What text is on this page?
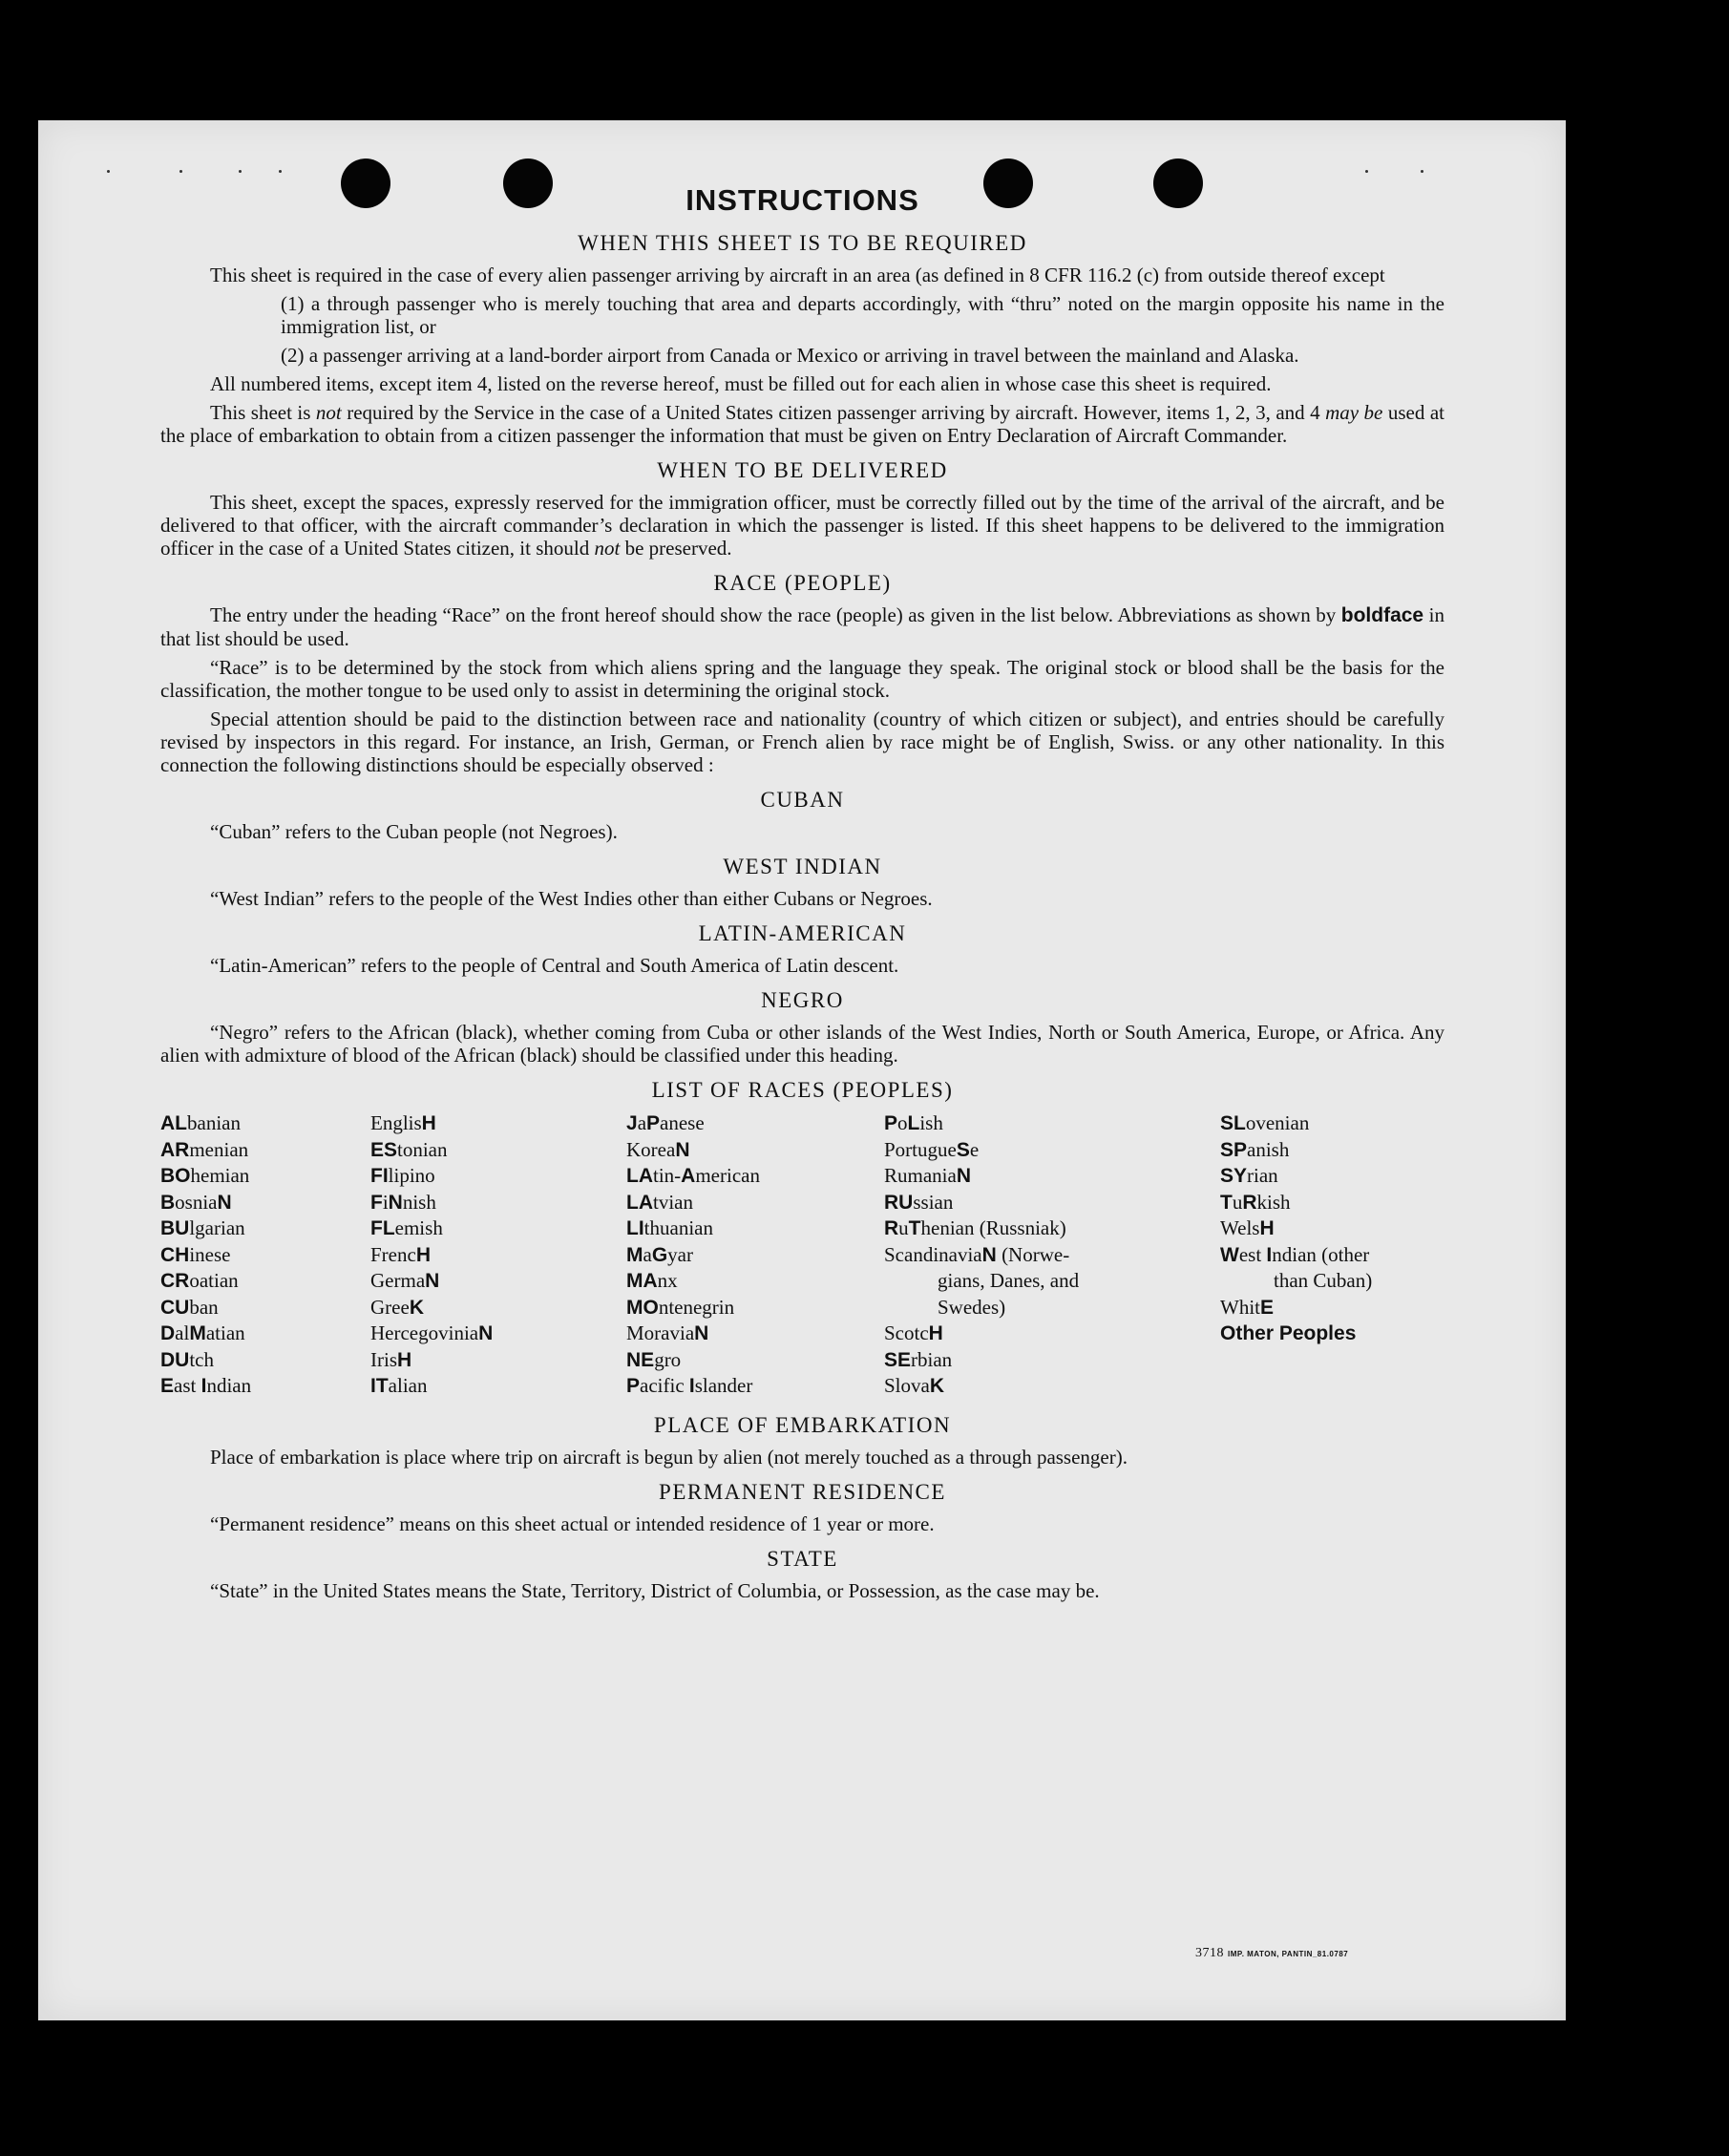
INSTRUCTIONS
WHEN THIS SHEET IS TO BE REQUIRED

This sheet is required in the case of every alien passenger arriving by aircraft in an area (as defined in 8 CFR 116.2 (c) from outside thereof except

(1) a through passenger who is merely touching that area and departs accordingly, with “thru” noted on the margin opposite his name in the immigration list, or

(2) a passenger arriving at a land-border airport from Canada or Mexico or arriving in travel between the mainland and Alaska.

All numbered items, except item 4, listed on the reverse hereof, must be filled out for each alien in whose case this sheet is required.

This sheet is not required by the Service in the case of a United States citizen passenger arriving by aircraft. However, items 1, 2, 3, and 4 may be used at the place of embarkation to obtain from a citizen passenger the information that must be given on Entry Declaration of Aircraft Commander.

WHEN TO BE DELIVERED

This sheet, except the spaces, expressly reserved for the immigration officer, must be correctly filled out by the time of the arrival of the aircraft, and be delivered to that officer, with the aircraft commander’s declaration in which the passenger is listed. If this sheet happens to be delivered to the immigration officer in the case of a United States citizen, it should not be preserved.

RACE (PEOPLE)

The entry under the heading “Race” on the front hereof should show the race (people) as given in the list below. Abbreviations as shown by boldface in that list should be used.

“Race” is to be determined by the stock from which aliens spring and the language they speak. The original stock or blood shall be the basis for the classification, the mother tongue to be used only to assist in determining the original stock.

Special attention should be paid to the distinction between race and nationality (country of which citizen or subject), and entries should be carefully revised by inspectors in this regard. For instance, an Irish, German, or French alien by race might be of English, Swiss. or any other nationality. In this connection the following distinctions should be especially observed :

CUBAN

“Cuban” refers to the Cuban people (not Negroes).

WEST INDIAN

“West Indian” refers to the people of the West Indies other than either Cubans or Negroes.

LATIN-AMERICAN

“Latin-American” refers to the people of Central and South America of Latin descent.

NEGRO

“Negro” refers to the African (black), whether coming from Cuba or other islands of the West Indies, North or South America, Europe, or Africa. Any alien with admixture of blood of the African (black) should be classified under this heading.

LIST OF RACES (PEOPLES)
ALbanian
ARmenian
BOhemian
BosniaN
BUlgarian
CHinese
CRoatian
CUban
DalMatian
DUtch
East Indian
EnglisH
EStonian
FIlipino
FiNnish
FLemish
FrencH
GermaN
GreeK
HercegoviniaN
IrisH
ITalian
JaPanese
KoreaN
LAtin-American
LAtvian
LIthuanian
MaGyar
MAnx
MOntenegrin
MoraviaN
NEgro
Pacific Islander
PoLish
PortugueSe
RumaniaN
RUssian
RuThenian (Russniak)
ScandinaviaN (Norwe-
gians, Danes, and
Swedes)
ScotcH
SErbian
SlovaK
SLovenian
SPanish
SYrian
TuRkish
WelsH
West Indian (other
than Cuban)
WhitE
Other Peoples
PLACE OF EMBARKATION

Place of embarkation is place where trip on aircraft is begun by alien (not merely touched as a through passenger).

PERMANENT RESIDENCE

“Permanent residence” means on this sheet actual or intended residence of 1 year or more.

STATE

“State” in the United States means the State, Territory, District of Columbia, or Possession, as the case may be.

3718 IMP. MATON, PANTIN_81.0787
